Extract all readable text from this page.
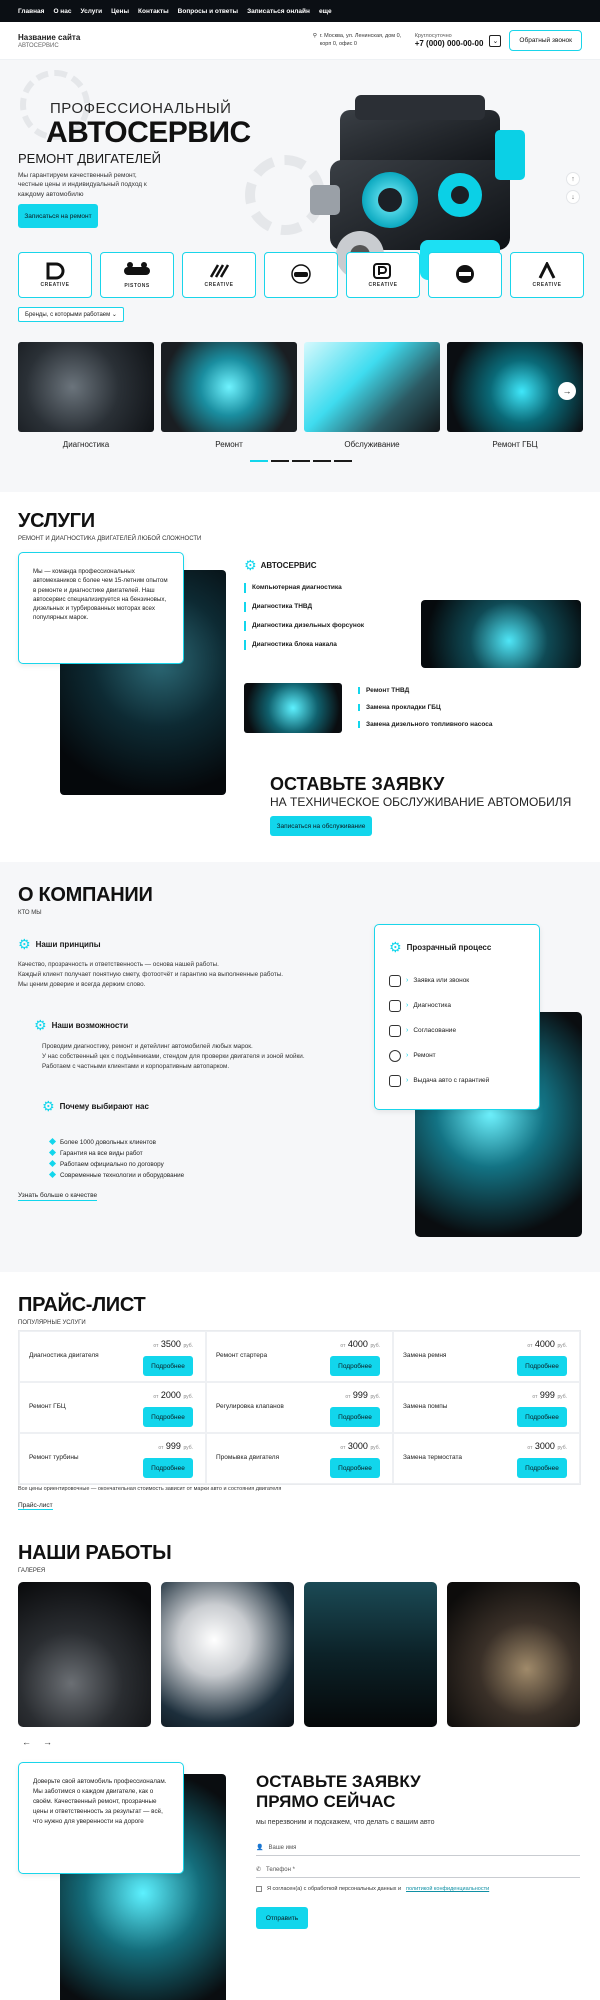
Главная О нас Услуги Цены Контакты Вопросы и ответы Записаться онлайн еще
Название сайта
АВТОСЕРВИС
⚲ г. Москва, ул. Ленинская, дом 0, корп 0, офис 0
Круглосуточно
+7 (000) 000-00-00	⌄	Обратный звонок
ПРОФЕССИОНАЛЬНЫЙ
АВТОСЕРВИС
РЕМОНТ ДВИГАТЕЛЕЙ
Мы гарантируем качественный ремонт, честные цены и индивидуальный подход к каждому автомобилю
Записаться на ремонт
↑
↓
CREATIVE	PISTONS	CREATIVE	CREATIVE	CREATIVE
Бренды, с которыми работаем ⌄
Диагностика	Ремонт	Обслуживание	Ремонт ГБЦ
→
УСЛУГИ
РЕМОНТ И ДИАГНОСТИКА ДВИГАТЕЛЕЙ ЛЮБОЙ СЛОЖНОСТИ
Мы — команда профессиональных автомехаников с более чем 15-летним опытом в ремонте и диагностике двигателей. Наш автосервис специализируется на бензиновых, дизельных и турбированных моторах всех популярных марок.
⚙ АВТОСЕРВИС
Компьютерная диагностика
Диагностика ТНВД
Диагностика дизельных форсунок
Диагностика блока накала
Ремонт ТНВД
Замена прокладки ГБЦ
Замена дизельного топливного насоса
ОСТАВЬТЕ ЗАЯВКУ
НА ТЕХНИЧЕСКОЕ ОБСЛУЖИВАНИЕ АВТОМОБИЛЯ
Записаться на обслуживание
О КОМПАНИИ
КТО МЫ
⚙ Наши принципы
Качество, прозрачность и ответственность — основа нашей работы.
Каждый клиент получает понятную смету, фотоотчёт и гарантию на выполненные работы.
Мы ценим доверие и всегда держим слово.
⚙ Наши возможности
Проводим диагностику, ремонт и детейлинг автомобилей любых марок.
У нас собственный цех с подъёмниками, стендом для проверки двигателя и зоной мойки.
Работаем с частными клиентами и корпоративным автопарком.
⚙ Почему выбирают нас
Более 1000 довольных клиентов
Гарантия на все виды работ
Работаем официально по договору
Современные технологии и оборудование
Узнать больше о качестве
⚙ Прозрачный процесс
› Заявка или звонок
› Диагностика
› Согласование
› Ремонт
› Выдача авто с гарантией
ПРАЙС-ЛИСТ
ПОПУЛЯРНЫЕ УСЛУГИ
Диагностика двигателя
от 3500 руб.
Подробнее
Ремонт стартера
от 4000 руб.
Подробнее
Замена ремня
от 4000 руб.
Подробнее
Ремонт ГБЦ
от 2000 руб.
Подробнее
Регулировка клапанов
от 999 руб.
Подробнее
Замена помпы
от 999 руб.
Подробнее
Ремонт турбины
от 999 руб.
Подробнее
Промывка двигателя
от 3000 руб.
Подробнее
Замена термостата
от 3000 руб.
Подробнее
Все цены ориентировочные — окончательная стоимость зависит от марки авто и состояния двигателя
Прайс-лист
НАШИ РАБОТЫ
ГАЛЕРЕЯ
← →
Доверьте свой автомобиль профессионалам. Мы заботимся о каждом двигателе, как о своём. Качественный ремонт, прозрачные цены и ответственность за результат — всё, что нужно для уверенности на дороге
ОСТАВЬТЕ ЗАЯВКУ
ПРЯМО СЕЙЧАС
мы перезвоним и подскажем, что делать с вашим авто
👤 Ваше имя
✆ Телефон *
Я согласен(а) с обработкой персональных данных и политикой конфиденциальности
Отправить
